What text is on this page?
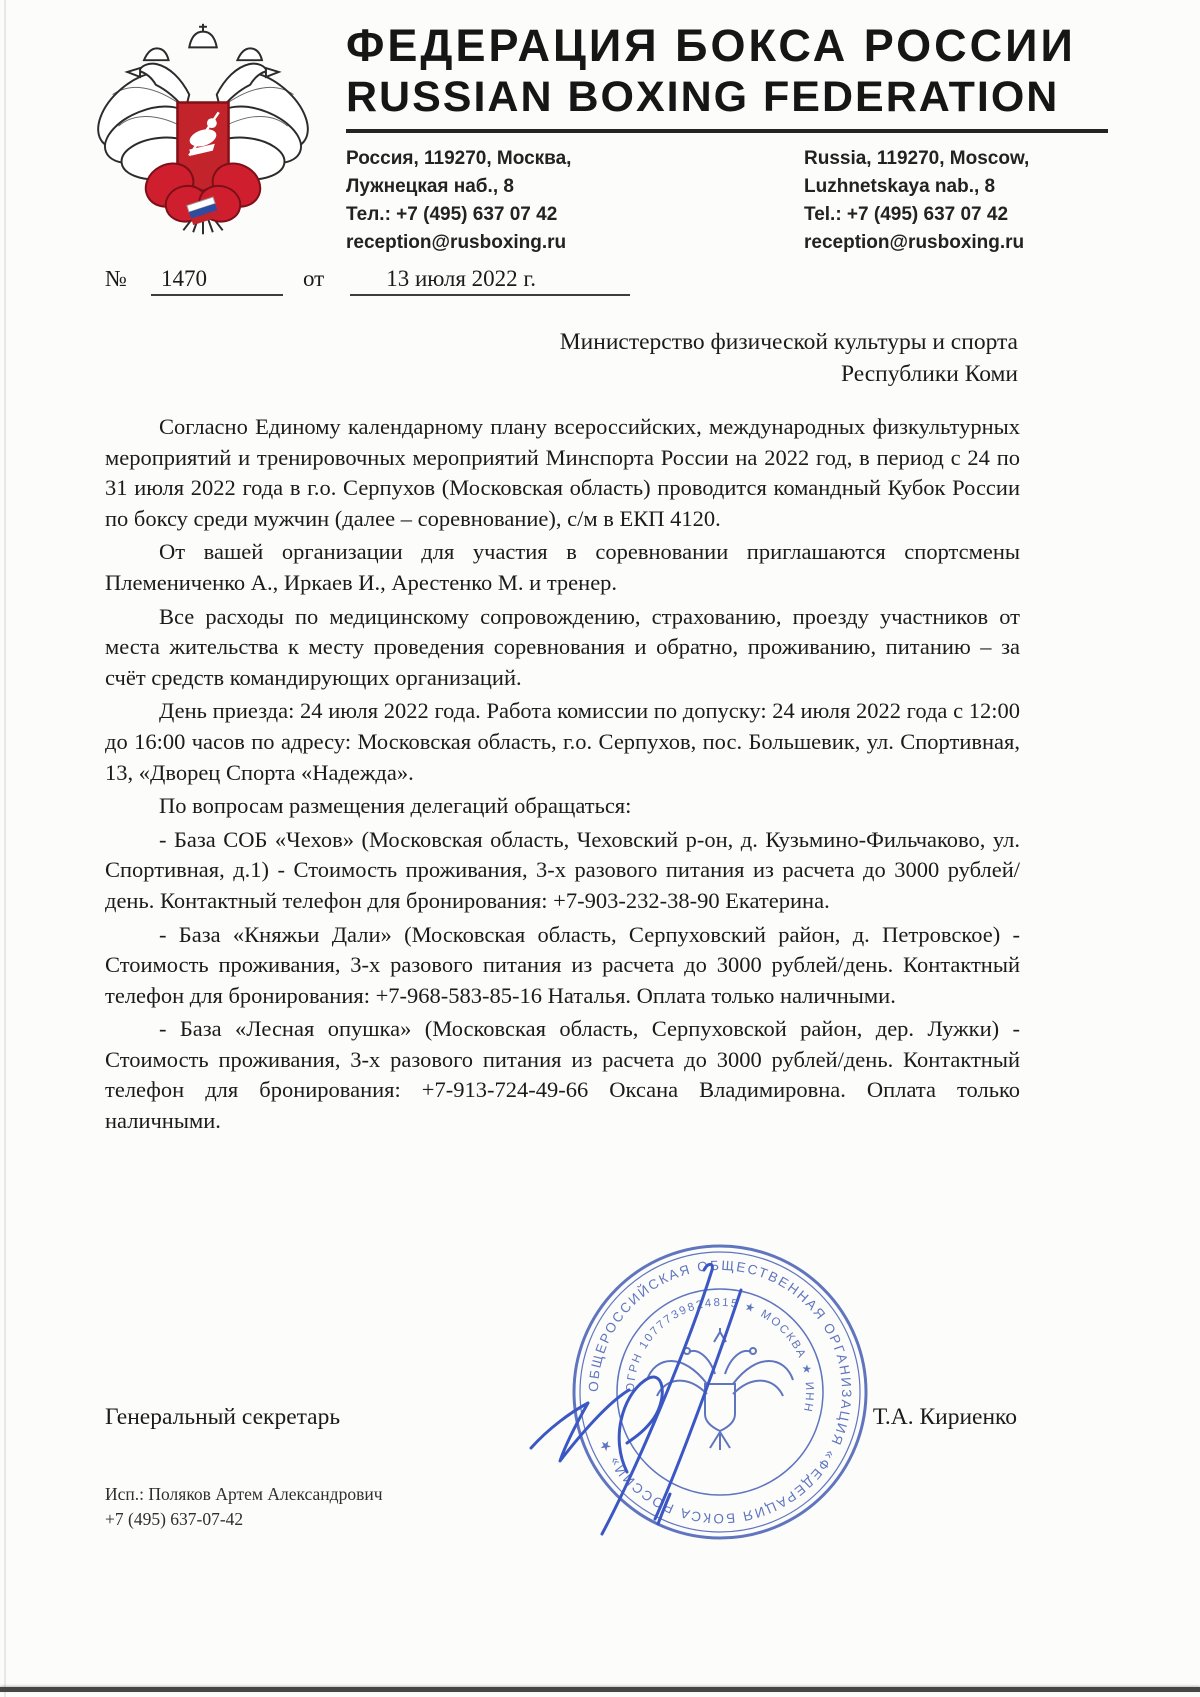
ФЕДЕРАЦИЯ БОКСА РОССИИ
RUSSIAN BOXING FEDERATION
Россия, 119270, Москва,
Лужнецкая наб., 8
Тел.: +7 (495) 637 07 42
reception@rusboxing.ru
Russia, 119270, Moscow,
Luzhnetskaya nab., 8
Tel.: +7 (495) 637 07 42
reception@rusboxing.ru
№ 1470	от	13 июля 2022 г.
Министерство физической культуры и спорта
Республики Коми

Согласно Единому календарному плану всероссийских, международных физкультурных мероприятий и тренировочных мероприятий Минспорта России на 2022 год, в период с 24 по 31 июля 2022 года в г.о. Серпухов (Московская область) проводится командный Кубок России по боксу среди мужчин (далее – соревнование), с/м в ЕКП 4120.

От вашей организации для участия в соревновании приглашаются спортсмены Племениченко А., Иркаев И., Арестенко М. и тренер.

Все расходы по медицинскому сопровождению, страхованию, проезду участников от места жительства к месту проведения соревнования и обратно, проживанию, питанию – за счёт средств командирующих организаций.

День приезда: 24 июля 2022 года. Работа комиссии по допуску: 24 июля 2022 года с 12:00 до 16:00 часов по адресу: Московская область, г.о. Серпухов, пос. Большевик, ул. Спортивная, 13, «Дворец Спорта «Надежда».

По вопросам размещения делегаций обращаться:

- База СОБ «Чехов» (Московская область, Чеховский р-он, д. Кузьмино-Фильчаково, ул. Спортивная, д.1) - Стоимость проживания, 3-х разового питания из расчета до 3000 рублей/день. Контактный телефон для бронирования: +7-903-232-38-90 Екатерина.

- База «Княжьи Дали» (Московская область, Серпуховский район, д. Петровское) - Стоимость проживания, 3-х разового питания из расчета до 3000 рублей/день. Контактный телефон для бронирования: +7-968-583-85-16 Наталья. Оплата только наличными.

- База «Лесная опушка» (Московская область, Серпуховской район, дер. Лужки) - Стоимость проживания, 3-х разового питания из расчета до 3000 рублей/день. Контактный телефон для бронирования: +7-913-724-49-66 Оксана Владимировна. Оплата только наличными.

ОБЩЕРОССИЙСКАЯ ОБЩЕСТВЕННАЯ ОРГАНИЗАЦИЯ «ФЕДЕРАЦИЯ БОКСА РОССИИ» ★
ОГРН 1077739824815 ★ МОСКВА ★ ИНН
Генеральный секретарь	Т.А. Кириенко
Исп.: Поляков Артем Александрович
+7 (495) 637-07-42
